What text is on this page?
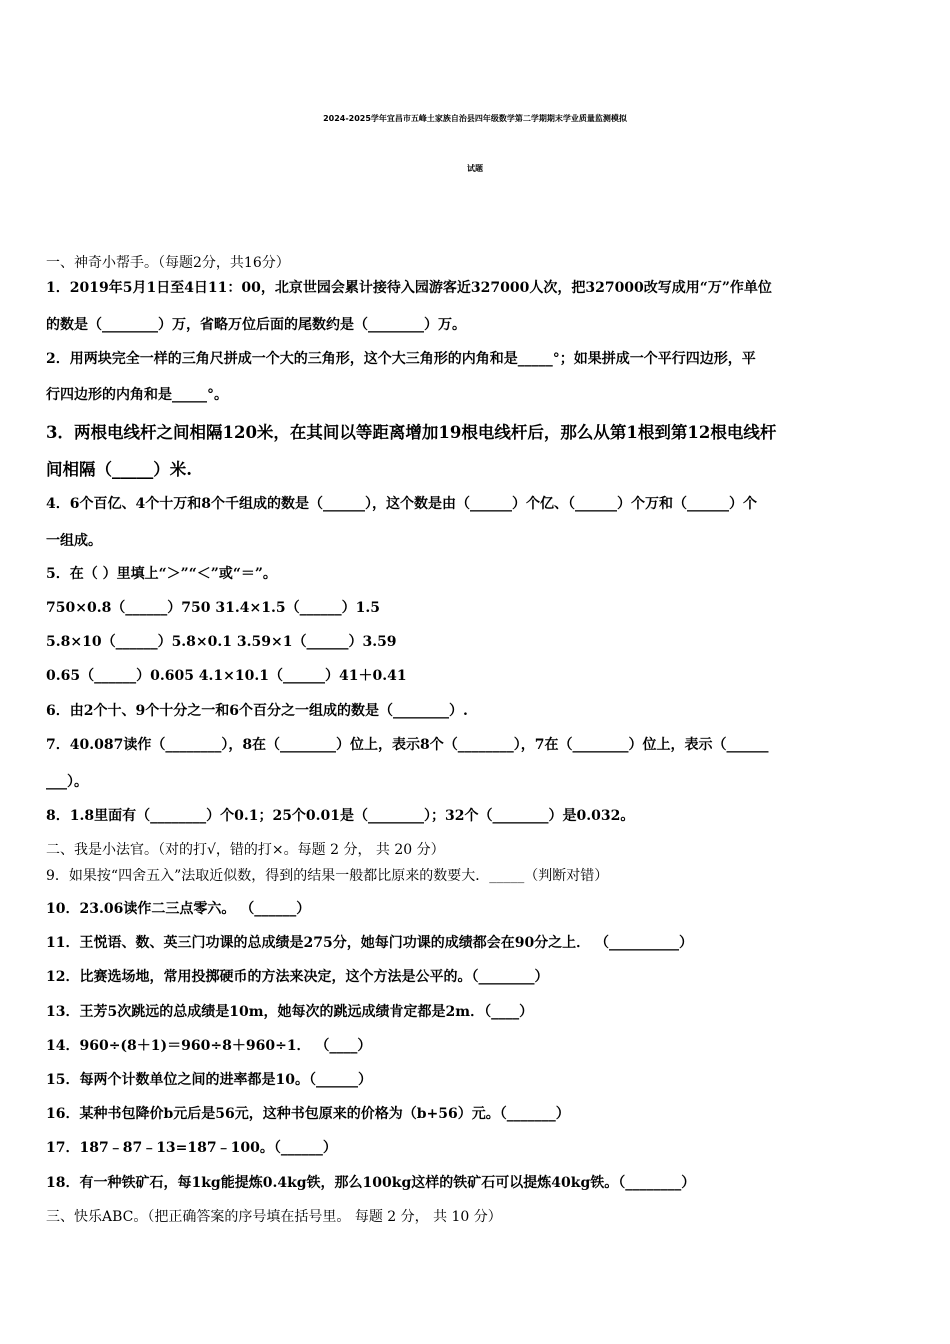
2024-2025学年宜昌市五峰土家族自治县四年级数学第二学期期末学业质量监测模拟
试题
一、神奇小帮手。（每题2分，共16分）
1．2019年5月1日至4日11：00，北京世园会累计接待入园游客近327000人次，把327000改写成用“万”作单位
的数是（________）万，省略万位后面的尾数约是（________）万。
2．用两块完全一样的三角尺拼成一个大的三角形，这个大三角形的内角和是_____°；如果拼成一个平行四边形，平
行四边形的内角和是_____°。
3．两根电线杆之间相隔120米，在其间以等距离增加19根电线杆后，那么从第1根到第12根电线杆
间相隔（_____）米.
4．6个百亿、4个十万和8个千组成的数是（______），这个数是由（______）个亿、（______）个万和（______）个
一组成。
5．在（ ）里填上“＞”“＜”或“＝”。
750×0.8（______）750 31.4×1.5（______）1.5
5.8×10（______）5.8×0.1 3.59×1（______）3.59
0.65（______）0.605 4.1×10.1（______）41＋0.41
6．由2个十、9个十分之一和6个百分之一组成的数是（________）.
7．40.087读作（________），8在（________）位上，表示8个（________），7在（________）位上，表示（______
___）。
8．1.8里面有（________）个0.1；25个0.01是（________）；32个（________）是0.032。
二、我是小法官。（对的打√，错的打×。每题 2 分， 共 20 分）
9．如果按“四舍五入”法取近似数，得到的结果一般都比原来的数要大．_____（判断对错）
10．23.06读作二三点零六。 （______）
11．王悦语、数、英三门功课的总成绩是275分，她每门功课的成绩都会在90分之上． （__________）
12．比赛选场地，常用投掷硬币的方法来决定，这个方法是公平的。（________）
13．王芳5次跳远的总成绩是10m，她每次的跳远成绩肯定都是2m．（____）
14．960÷(8＋1)＝960÷8＋960÷1． （____）
15．每两个计数单位之间的进率都是10。（______）
16．某种书包降价b元后是56元，这种书包原来的价格为（b+56）元。（_______）
17．187﹣87﹣13=187﹣100。（______）
18．有一种铁矿石，每1kg能提炼0.4kg铁，那么100kg这样的铁矿石可以提炼40kg铁。（________）
三、快乐ABC。（把正确答案的序号填在括号里。 每题 2 分， 共 10 分）
